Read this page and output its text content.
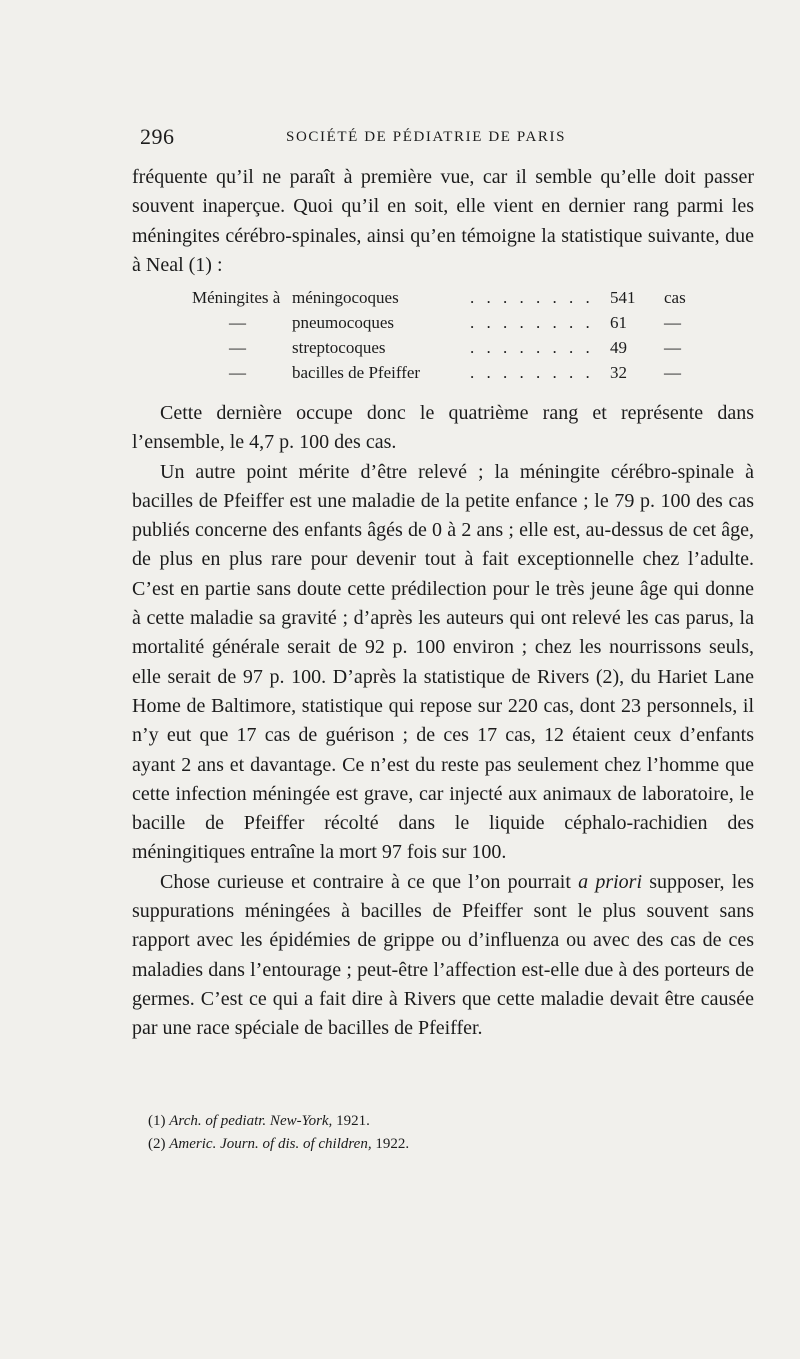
296	SOCIÉTÉ DE PÉDIATRIE DE PARIS

fréquente qu’il ne paraît à première vue, car il semble qu’elle doit passer souvent inaperçue. Quoi qu’il en soit, elle vient en dernier rang parmi les méningites cérébro-spinales, ainsi qu’en témoigne la statistique suivante, due à Neal (1) :

Méningites à méningocoques	. . . . . . . . 541 cas
—	pneumocoques	. . . . . . . . 61 —
—	streptocoques	. . . . . . . . 49 —
—	bacilles de Pfeiffer	. . . . . . . . 32 —

Cette dernière occupe donc le quatrième rang et représente dans l’ensemble, le 4,7 p. 100 des cas.

Un autre point mérite d’être relevé ; la méningite cérébro-spinale à bacilles de Pfeiffer est une maladie de la petite enfance ; le 79 p. 100 des cas publiés concerne des enfants âgés de 0 à 2 ans ; elle est, au-dessus de cet âge, de plus en plus rare pour devenir tout à fait exceptionnelle chez l’adulte. C’est en partie sans doute cette prédilection pour le très jeune âge qui donne à cette maladie sa gravité ; d’après les auteurs qui ont relevé les cas parus, la mortalité générale serait de 92 p. 100 environ ; chez les nourrissons seuls, elle serait de 97 p. 100. D’après la statistique de Rivers (2), du Hariet Lane Home de Baltimore, statistique qui repose sur 220 cas, dont 23 personnels, il n’y eut que 17 cas de guérison ; de ces 17 cas, 12 étaient ceux d’enfants ayant 2 ans et davantage. Ce n’est du reste pas seulement chez l’homme que cette infection méningée est grave, car injecté aux animaux de laboratoire, le bacille de Pfeiffer récolté dans le liquide céphalo-rachidien des méningitiques entraîne la mort 97 fois sur 100.

Chose curieuse et contraire à ce que l’on pourrait a priori supposer, les suppurations méningées à bacilles de Pfeiffer sont le plus souvent sans rapport avec les épidémies de grippe ou d’influenza ou avec des cas de ces maladies dans l’entourage ; peut-être l’affection est-elle due à des porteurs de germes. C’est ce qui a fait dire à Rivers que cette maladie devait être causée par une race spéciale de bacilles de Pfeiffer.

(1) Arch. of pediatr. New-York, 1921.
(2) Americ. Journ. of dis. of children, 1922.
